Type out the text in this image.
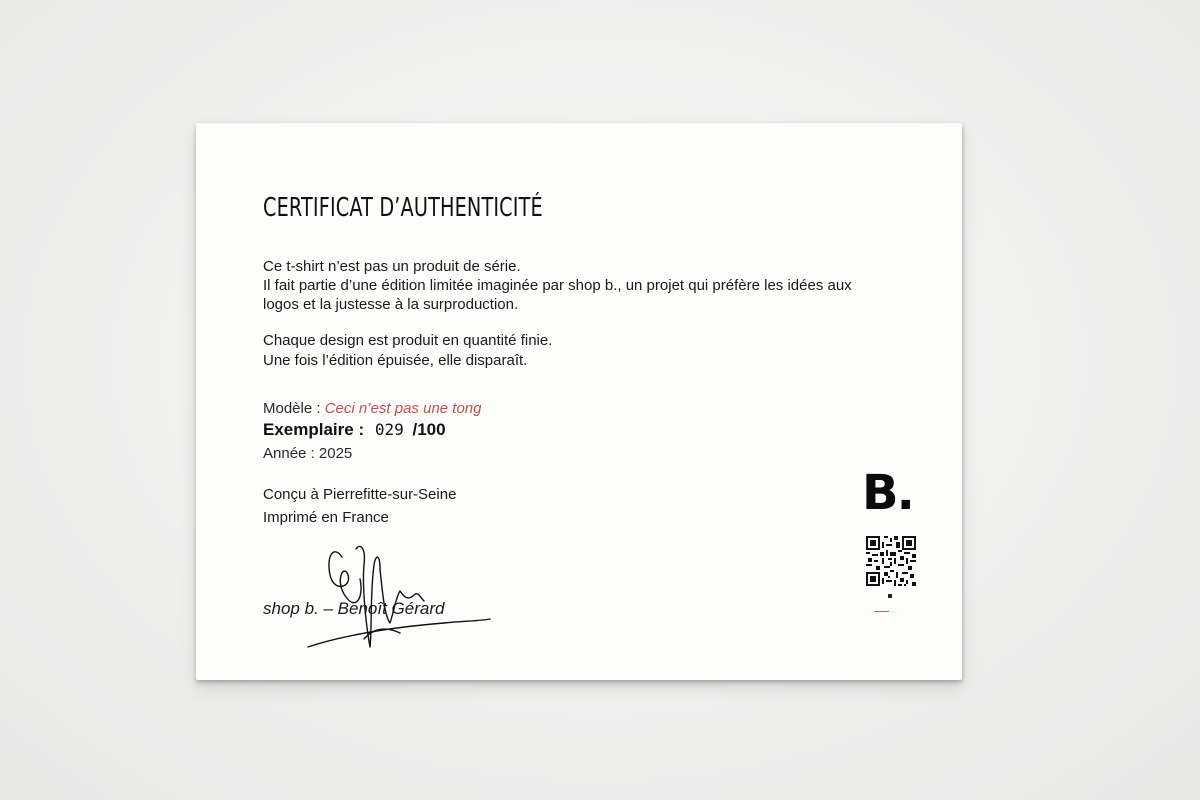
CERTIFICAT D’AUTHENTICITÉ
Ce t-shirt n’est pas un produit de série.
Il fait partie d’une édition limitée imaginée par shop b., un projet qui préfère les idées aux
logos et la justesse à la surproduction.
Chaque design est produit en quantité finie.
Une fois l’édition épuisée, elle disparaît.
Modèle : Ceci n’est pas une tong
Exemplaire : 029 /100
Année : 2025
Conçu à Pierrefitte-sur-Seine
Imprimé en France
shop b. – Benoît Gérard
B.
▬▬▬▬▬
